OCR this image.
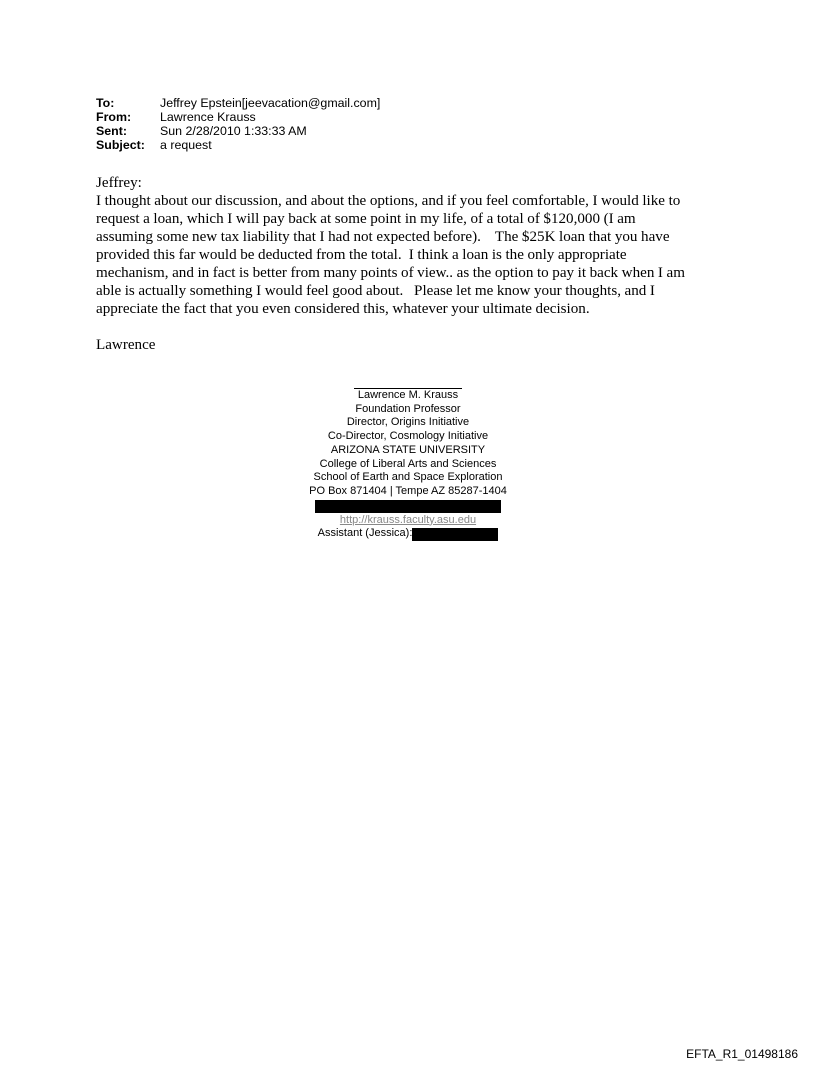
To:	Jeffrey Epstein[jeevacation@gmail.com]
From:	Lawrence Krauss
Sent:	Sun 2/28/2010 1:33:33 AM
Subject:	a request

Jeffrey:

I thought about our discussion, and about the options, and if you feel comfortable, I would like to

request a loan, which I will pay back at some point in my life, of a total of $120,000 (I am

assuming some new tax liability that I had not expected before).    The $25K loan that you have

provided this far would be deducted from the total.  I think a loan is the only appropriate

mechanism, and in fact is better from many points of view.. as the option to pay it back when I am

able is actually something I would feel good about.   Please let me know your thoughts, and I

appreciate the fact that you even considered this, whatever your ultimate decision.

Lawrence

Lawrence M. Krauss
Foundation Professor
Director, Origins Initiative
Co-Director, Cosmology Initiative
ARIZONA STATE UNIVERSITY
College of Liberal Arts and Sciences
School of Earth and Space Exploration
PO Box 871404 | Tempe AZ 85287-1404
http://krauss.faculty.asu.edu
Assistant (Jessica):
EFTA_R1_01498186
